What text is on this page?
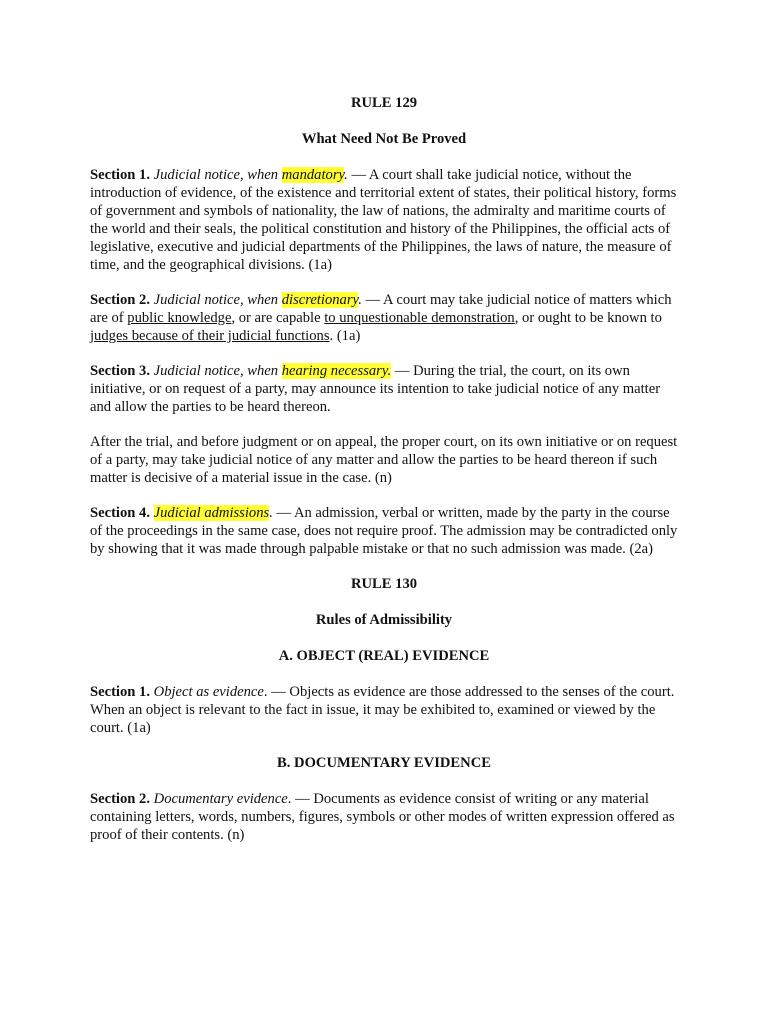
RULE 129

What Need Not Be Proved

Section 1. Judicial notice, when mandatory. — A court shall take judicial notice, without the introduction of evidence, of the existence and territorial extent of states, their political history, forms of government and symbols of nationality, the law of nations, the admiralty and maritime courts of the world and their seals, the political constitution and history of the Philippines, the official acts of legislative, executive and judicial departments of the Philippines, the laws of nature, the measure of time, and the geographical divisions. (1a)

Section 2. Judicial notice, when discretionary. — A court may take judicial notice of matters which are of public knowledge, or are capable to unquestionable demonstration, or ought to be known to judges because of their judicial functions. (1a)

Section 3. Judicial notice, when hearing necessary. — During the trial, the court, on its own initiative, or on request of a party, may announce its intention to take judicial notice of any matter and allow the parties to be heard thereon.

After the trial, and before judgment or on appeal, the proper court, on its own initiative or on request of a party, may take judicial notice of any matter and allow the parties to be heard thereon if such matter is decisive of a material issue in the case. (n)

Section 4. Judicial admissions. — An admission, verbal or written, made by the party in the course of the proceedings in the same case, does not require proof. The admission may be contradicted only by showing that it was made through palpable mistake or that no such admission was made. (2a)

RULE 130

Rules of Admissibility

A. OBJECT (REAL) EVIDENCE

Section 1. Object as evidence. — Objects as evidence are those addressed to the senses of the court. When an object is relevant to the fact in issue, it may be exhibited to, examined or viewed by the court. (1a)

B. DOCUMENTARY EVIDENCE

Section 2. Documentary evidence. — Documents as evidence consist of writing or any material containing letters, words, numbers, figures, symbols or other modes of written expression offered as proof of their contents. (n)
